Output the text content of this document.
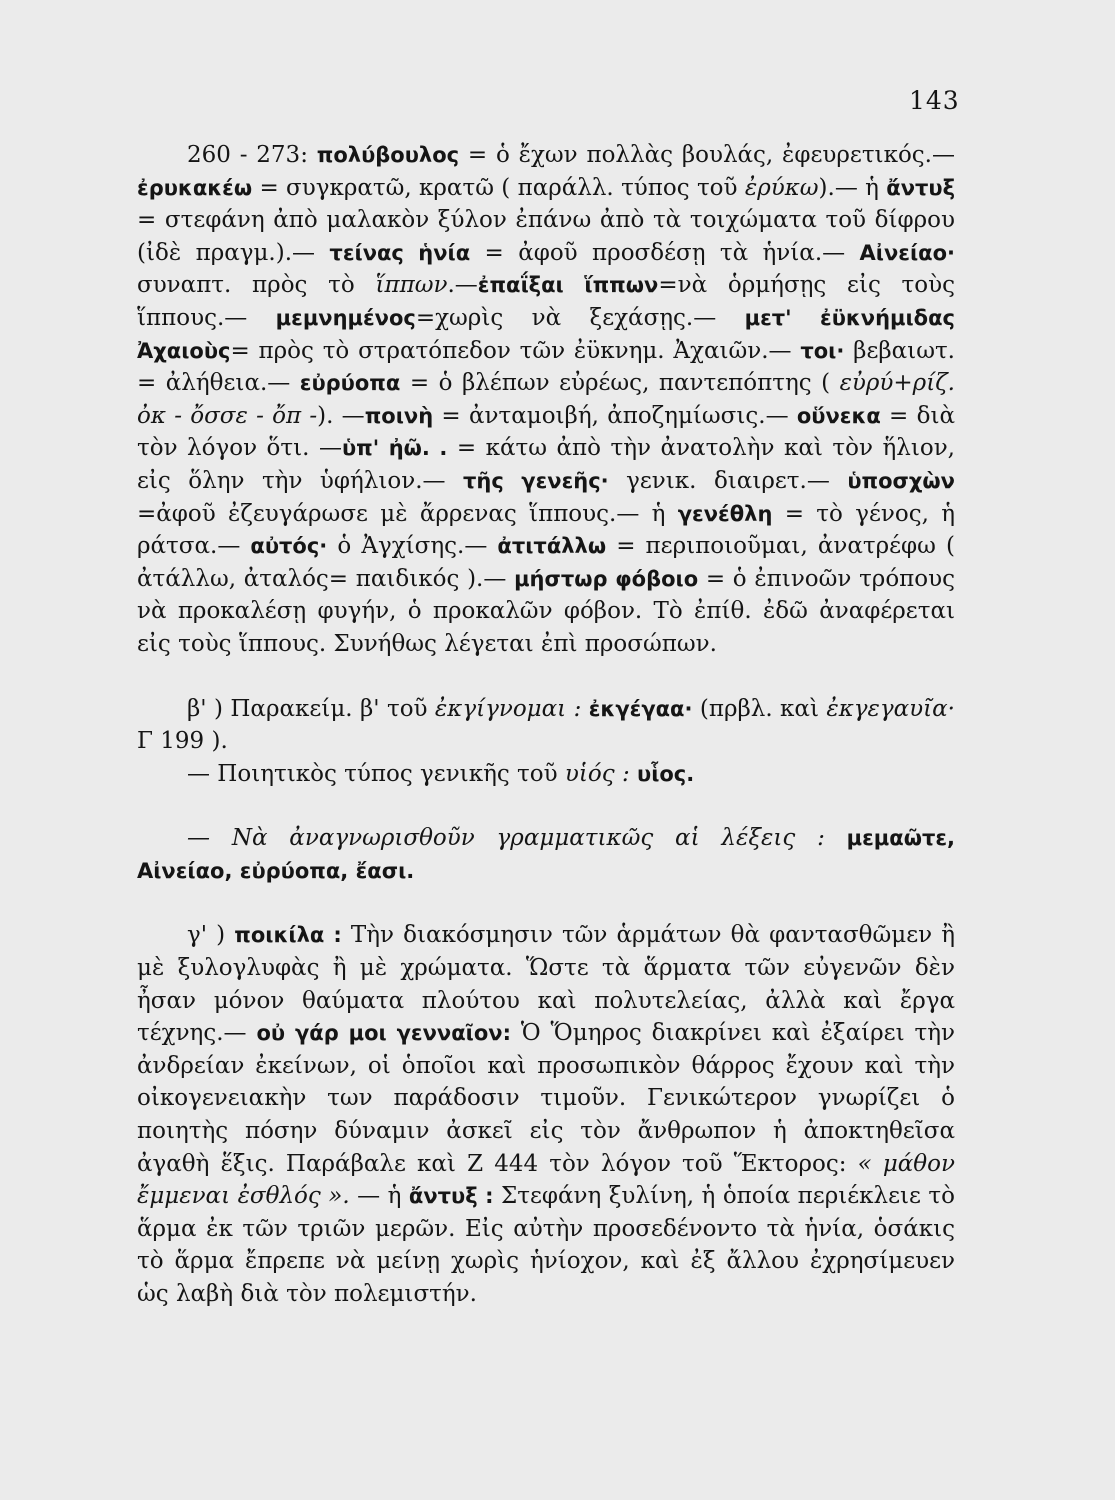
143

260 - 273: πολύβουλος = ὁ ἔχων πολλὰς βουλάς, ἐφευρετικός.— ἐρυκακέω = συγκρατῶ, κρατῶ ( παράλλ. τύπος τοῦ ἐρύκω).— ἡ ἄντυξ = στεφάνη ἀπὸ μαλακὸν ξύλον ἐπάνω ἀπὸ τὰ τοιχώματα τοῦ δίφρου (ἰδὲ πραγμ.).— τείνας ἡνία = ἀφοῦ προσδέσῃ τὰ ἡνία.— Αἰνείαο· συναπτ. πρὸς τὸ ἵππων.—ἐπαΐξαι ἵππων=νὰ ὁρμήσῃς εἰς τοὺς ἵππους.— μεμνημένος=χωρὶς νὰ ξεχάσῃς.— μετ' ἐϋκνήμιδας Ἀχαιοὺς= πρὸς τὸ στρατόπεδον τῶν ἐϋκνημ. Ἀχαιῶν.— τοι· βεβαιωτ. = ἀλήθεια.— εὐρύοπα = ὁ βλέπων εὐρέως, παντεπόπτης ( εὐρύ+ρίζ. ὀκ - ὄσσε - ὄπ -). —ποινὴ = ἀνταμοιβή, ἀποζημίωσις.— οὕνεκα = διὰ τὸν λόγον ὅτι. —ὑπ' ἠῶ. . = κάτω ἀπὸ τὴν ἀνατολὴν καὶ τὸν ἥλιον, εἰς ὅλην τὴν ὑφήλιον.— τῆς γενεῆς· γενικ. διαιρετ.— ὑποσχὼν =ἀφοῦ ἐζευγάρωσε μὲ ἄρρενας ἵππους.— ἡ γενέθλη = τὸ γένος, ἡ ράτσα.— αὐτός· ὁ Ἀγχίσης.— ἀτιτάλλω = περιποιοῦμαι, ἀνατρέφω ( ἀτάλλω, ἀταλός= παιδικός ).— μήστωρ φόβοιο = ὁ ἐπινοῶν τρόπους νὰ προκαλέσῃ φυγήν, ὁ προκαλῶν φόβον. Τὸ ἐπίθ. ἐδῶ ἀναφέρεται εἰς τοὺς ἵππους. Συνήθως λέγεται ἐπὶ προσώπων.

β' ) Παρακείμ. β' τοῦ ἐκγίγνομαι : ἐκγέγαα· (πρβλ. καὶ ἐκγεγαυῖα· Γ 199 ).

— Ποιητικὸς τύπος γενικῆς τοῦ υἱός : υἷος.

— Νὰ ἀναγνωρισθοῦν γραμματικῶς αἱ λέξεις : μεμαῶτε, Αἰνείαο, εὐρύοπα, ἔασι.

γ' ) ποικίλα : Τὴν διακόσμησιν τῶν ἁρμάτων θὰ φαντασθῶμεν ἢ μὲ ξυλογλυφὰς ἢ μὲ χρώματα. Ὥστε τὰ ἅρματα τῶν εὐγενῶν δὲν ἦσαν μόνον θαύματα πλούτου καὶ πολυτελείας, ἀλλὰ καὶ ἔργα τέχνης.— οὐ γάρ μοι γενναῖον: Ὁ Ὅμηρος διακρίνει καὶ ἐξαίρει τὴν ἀνδρείαν ἐκείνων, οἱ ὁποῖοι καὶ προσωπικὸν θάρρος ἔχουν καὶ τὴν οἰκογενειακὴν των παράδοσιν τιμοῦν. Γενικώτερον γνωρίζει ὁ ποιητὴς πόσην δύναμιν ἀσκεῖ εἰς τὸν ἄνθρωπον ἡ ἀποκτηθεῖσα ἀγαθὴ ἕξις. Παράβαλε καὶ Ζ 444 τὸν λόγον τοῦ Ἕκτορος: « μάθον ἔμμεναι ἐσθλός ». — ἡ ἄντυξ : Στεφάνη ξυλίνη, ἡ ὁποία περιέκλειε τὸ ἅρμα ἐκ τῶν τριῶν μερῶν. Εἰς αὐτὴν προσεδένοντο τὰ ἡνία, ὁσάκις τὸ ἅρμα ἔπρεπε νὰ μείνῃ χωρὶς ἡνίοχον, καὶ ἐξ ἄλλου ἐχρησίμευεν ὡς λαβὴ διὰ τὸν πολεμιστήν.
